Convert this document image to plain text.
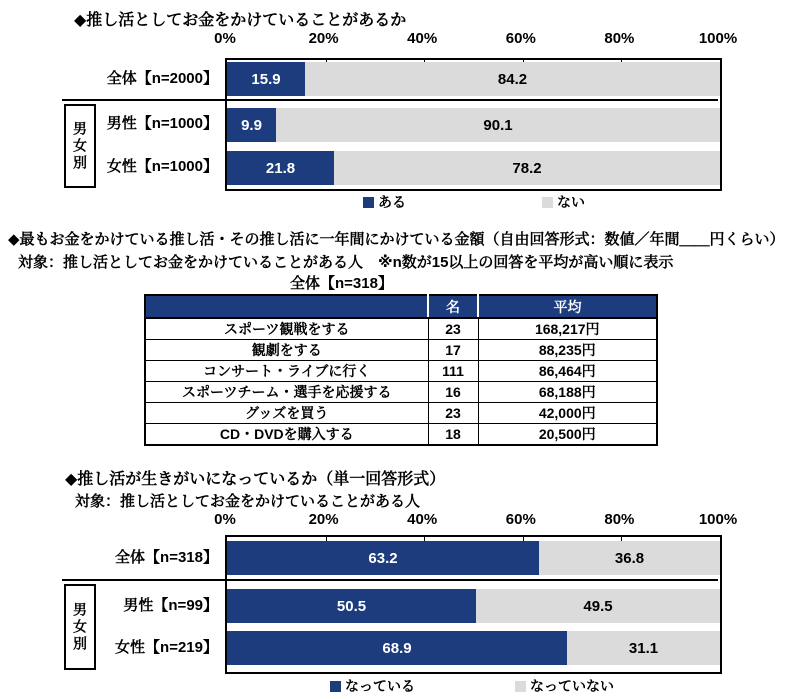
◆推し活としてお金をかけていることがあるか
0%	20%	40%	60%	80%	100%
15.9	84.2
9.9	90.1
21.8	78.2
男女別
ある	ない
全体【n=2000】
男性【n=1000】
女性【n=1000】
◆最もお金をかけている推し活・その推し活に一年間にかけている金額（自由回答形式：数値／年間＿＿円くらい）
対象：推し活としてお金をかけていることがある人　※n数が15以上の回答を平均が高い順に表示
全体【n=318】
	名	平均
スポーツ観戦をする	23	168,217円
観劇をする	17	88,235円
コンサート・ライブに行く	111	86,464円
スポーツチーム・選手を応援する	16	68,188円
グッズを買う	23	42,000円
CD・DVDを購入する	18	20,500円
◆推し活が生きがいになっているか（単一回答形式）
対象：推し活としてお金をかけていることがある人
0%	20%	40%	60%	80%	100%
63.2	36.8
50.5	49.5
68.9	31.1
男女別
なっている	なっていない
全体【n=318】
男性【n=99】
女性【n=219】
